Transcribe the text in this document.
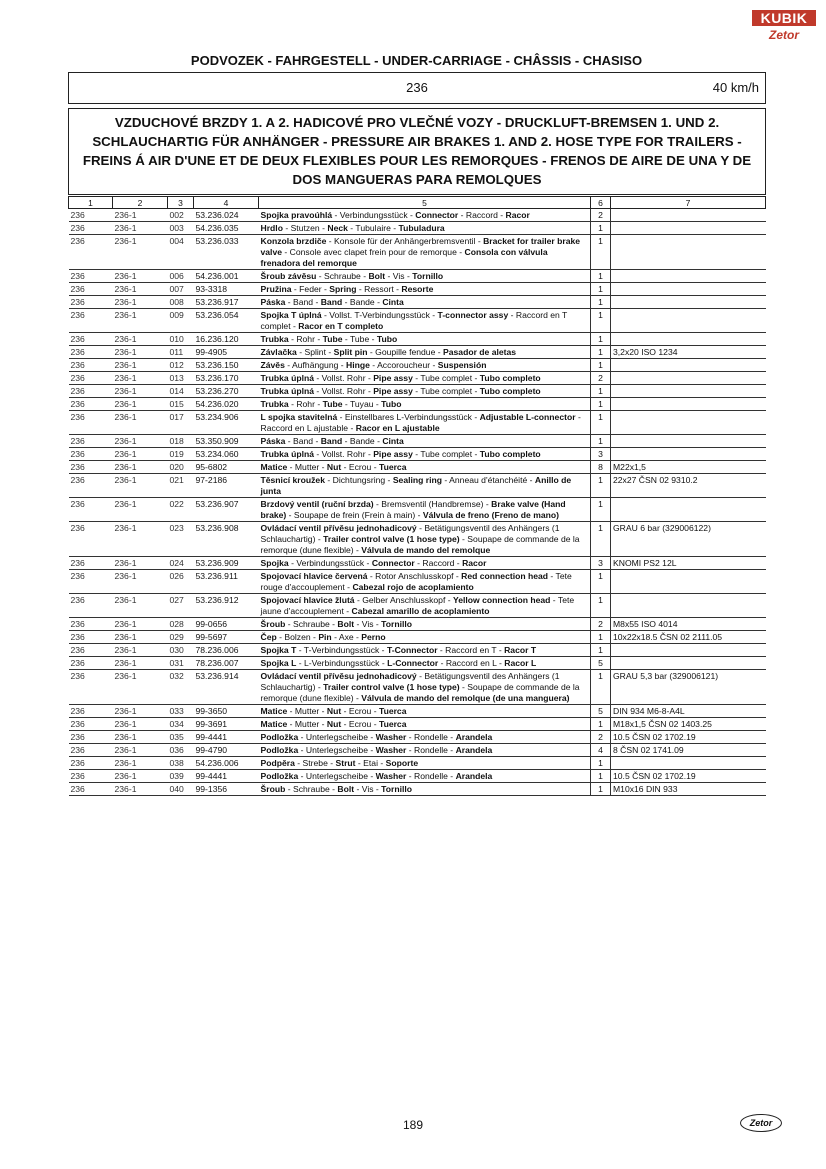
KUBIK
Zetor
PODVOZEK - FAHRGESTELL - UNDER-CARRIAGE - CHÂSSIS - CHASISO
236	40 km/h
VZDUCHOVÉ BRZDY 1. A 2. HADICOVÉ PRO VLEČNÉ VOZY - DRUCKLUFT-BREMSEN 1. UND 2. SCHLAUCHARTIG FÜR ANHÄNGER - PRESSURE AIR BRAKES 1. AND 2. HOSE TYPE FOR TRAILERS - FREINS Á AIR D'UNE ET DE DEUX FLEXIBLES POUR LES REMORQUES - FRENOS DE AIRE DE UNA Y DE DOS MANGUERAS PARA REMOLQUES
1	2	3	4	5	6	7
236	236-1	002	53.236.024	Spojka pravoúhlá - Verbindungsstück - Connector - Raccord - Racor	2	
236	236-1	003	54.236.035	Hrdlo - Stutzen - Neck - Tubulaire - Tubuladura	1	
236	236-1	004	53.236.033	Konzola brzdiče - Konsole für der Anhängerbremsventil - Bracket for trailer brake valve - Console avec clapet frein pour de remorque - Consola con válvula frenadora del remorque	1	
236	236-1	006	54.236.001	Šroub závěsu - Schraube - Bolt - Vis - Tornillo	1	
236	236-1	007	93-3318	Pružina - Feder - Spring - Ressort - Resorte	1	
236	236-1	008	53.236.917	Páska - Band - Band - Bande - Cinta	1	
236	236-1	009	53.236.054	Spojka T úplná - Vollst. T-Verbindungsstück - T-connector assy - Raccord en T complet - Racor en T completo	1	
236	236-1	010	16.236.120	Trubka - Rohr - Tube - Tube - Tubo	1	
236	236-1	011	99-4905	Závlačka - Splint - Split pin - Goupille fendue - Pasador de aletas	1	3,2x20 ISO 1234
236	236-1	012	53.236.150	Závěs - Aufhängung - Hinge - Accoroucheur - Suspensión	1	
236	236-1	013	53.236.170	Trubka úplná - Vollst. Rohr - Pipe assy - Tube complet - Tubo completo	2	
236	236-1	014	53.236.270	Trubka úplná - Vollst. Rohr - Pipe assy - Tube complet - Tubo completo	1	
236	236-1	015	54.236.020	Trubka - Rohr - Tube - Tuyau - Tubo	1	
236	236-1	017	53.234.906	L spojka stavitelná - Einstellbares L-Verbindungsstück - Adjustable L-connector - Raccord en L ajustable - Racor en L ajustable	1	
236	236-1	018	53.350.909	Páska - Band - Band - Bande - Cinta	1	
236	236-1	019	53.234.060	Trubka úplná - Vollst. Rohr - Pipe assy - Tube complet - Tubo completo	3	
236	236-1	020	95-6802	Matice - Mutter - Nut - Ecrou - Tuerca	8	M22x1,5
236	236-1	021	97-2186	Těsnicí kroužek - Dichtungsring - Sealing ring - Anneau d'étanchéité - Anillo de junta	1	22x27 ČSN 02 9310.2
236	236-1	022	53.236.907	Brzdový ventil (ruční brzda) - Bremsventil (Handbremse) - Brake valve (Hand brake) - Soupape de frein (Frein à main) - Válvula de freno (Freno de mano)	1	
236	236-1	023	53.236.908	Ovládací ventil přívěsu jednohadicový - Betätigungsventil des Anhängers (1 Schlauchartig) - Trailer control valve (1 hose type) - Soupape de commande de la remorque (dune flexible) - Válvula de mando del remolque	1	GRAU 6 bar (329006122)
236	236-1	024	53.236.909	Spojka - Verbindungsstück - Connector - Raccord - Racor	3	KNOMI PS2 12L
236	236-1	026	53.236.911	Spojovací hlavice červená - Rotor Anschlusskopf - Red connection head - Tete rouge d'accouplement - Cabezal rojo de acoplamiento	1	
236	236-1	027	53.236.912	Spojovací hlavice žlutá - Gelber Anschlusskopf - Yellow connection head - Tete jaune d'accouplement - Cabezal amarillo de acoplamiento	1	
236	236-1	028	99-0656	Šroub - Schraube - Bolt - Vis - Tornillo	2	M8x55 ISO 4014
236	236-1	029	99-5697	Čep - Bolzen - Pin - Axe - Perno	1	10x22x18.5 ČSN 02 2111.05
236	236-1	030	78.236.006	Spojka T - T-Verbindungsstück - T-Connector - Raccord en T - Racor T	1	
236	236-1	031	78.236.007	Spojka L - L-Verbindungsstück - L-Connector - Raccord en L - Racor L	5	
236	236-1	032	53.236.914	Ovládací ventil přívěsu jednohadicový - Betätigungsventil des Anhängers (1 Schlauchartig) - Trailer control valve (1 hose type) - Soupape de commande de la remorque (dune flexible) - Válvula de mando del remolque (de una manguera)	1	GRAU 5,3 bar (329006121)
236	236-1	033	99-3650	Matice - Mutter - Nut - Ecrou - Tuerca	5	DIN 934 M6-8-A4L
236	236-1	034	99-3691	Matice - Mutter - Nut - Ecrou - Tuerca	1	M18x1,5 ČSN 02 1403.25
236	236-1	035	99-4441	Podložka - Unterlegscheibe - Washer - Rondelle - Arandela	2	10.5 ČSN 02 1702.19
236	236-1	036	99-4790	Podložka - Unterlegscheibe - Washer - Rondelle - Arandela	4	8 ČSN 02 1741.09
236	236-1	038	54.236.006	Podpěra - Strebe - Strut - Etai - Soporte	1	
236	236-1	039	99-4441	Podložka - Unterlegscheibe - Washer - Rondelle - Arandela	1	10.5 ČSN 02 1702.19
236	236-1	040	99-1356	Šroub - Schraube - Bolt - Vis - Tornillo	1	M10x16 DIN 933
189	Zetor
